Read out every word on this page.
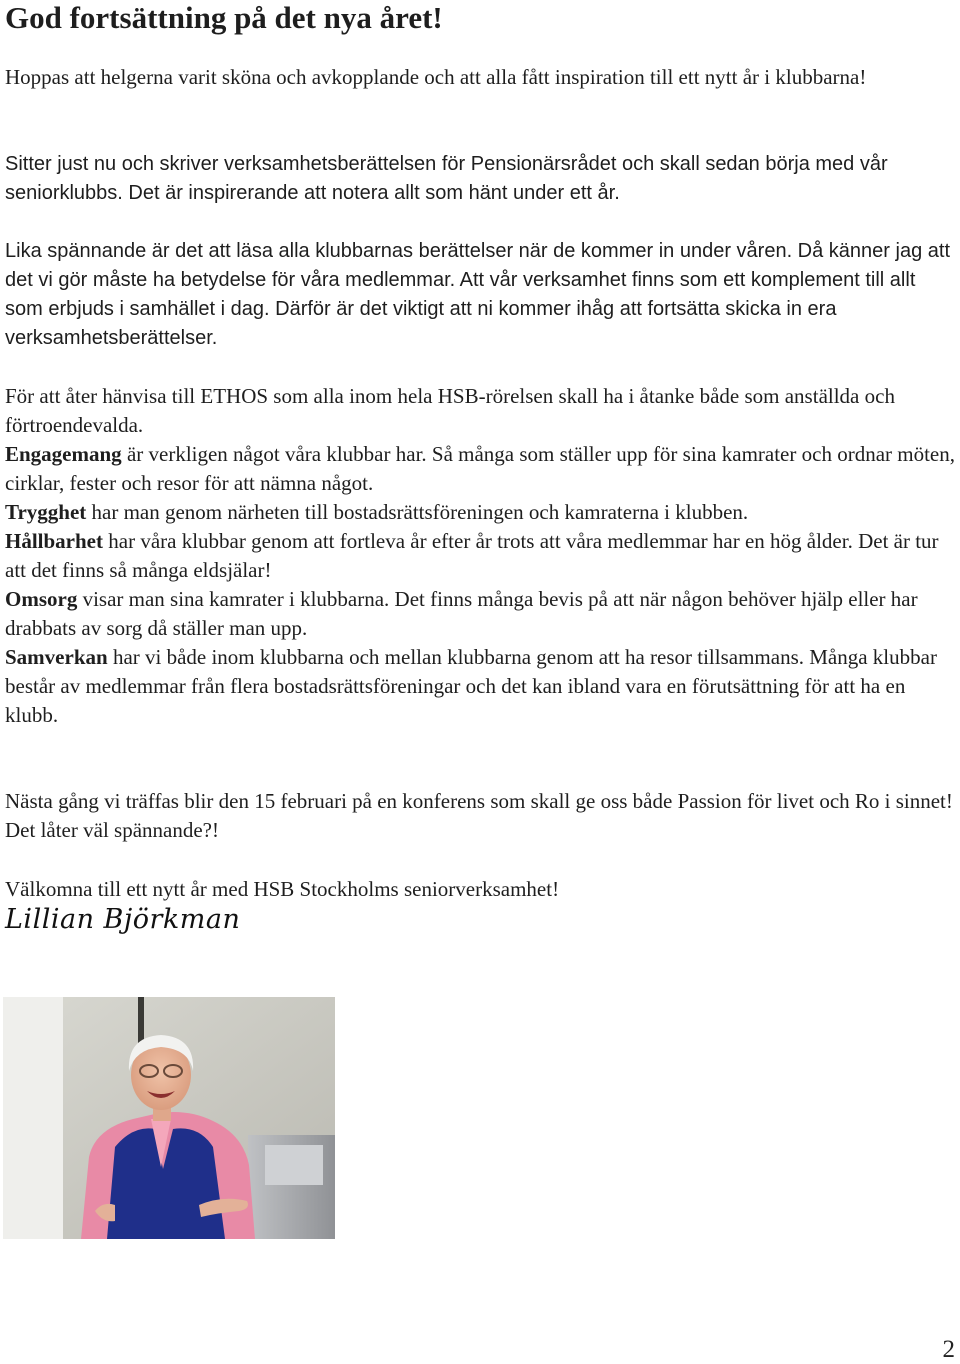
God fortsättning på det nya året!

Hoppas att helgerna varit sköna och avkopplande och att alla fått inspiration till ett nytt år i klubbarna!

Sitter just nu och skriver verksamhetsberättelsen för Pensionärsrådet och skall sedan börja med vår seniorklubbs. Det är inspirerande att notera allt som hänt under ett år.

Lika spännande är det att läsa alla klubbarnas berättelser när de kommer in under våren. Då känner jag att det vi gör måste ha betydelse för våra medlemmar. Att vår verksamhet finns som ett komplement till allt som erbjuds i samhället i dag. Därför är det viktigt att ni kommer ihåg att fortsätta skicka in era verksamhetsberättelser.

För att åter hänvisa till ETHOS som alla inom hela HSB-rörelsen skall ha i åtanke både som anställda och förtroendevalda.

Engagemang är verkligen något våra klubbar har. Så många som ställer upp för sina kamrater och ordnar möten, cirklar, fester och resor för att nämna något.

Trygghet har man genom närheten till bostadsrättsföreningen och kamraterna i klubben.

Hållbarhet har våra klubbar genom att fortleva år efter år trots att våra medlemmar har en hög ålder. Det är tur att det finns så många eldsjälar!

Omsorg visar man sina kamrater i klubbarna. Det finns många bevis på att när någon behöver hjälp eller har drabbats av sorg då ställer man upp.

Samverkan har vi både inom klubbarna och mellan klubbarna genom att ha resor tillsammans. Många klubbar består av medlemmar från flera bostadsrättsföreningar och det kan ibland vara en förutsättning för att ha en klubb.

Nästa gång vi träffas blir den 15 februari på en konferens som skall ge oss både Passion för livet och Ro i sinnet! Det låter väl spännande?!

Välkomna till ett nytt år med HSB Stockholms seniorverksamhet!

Lillian Björkman
2
